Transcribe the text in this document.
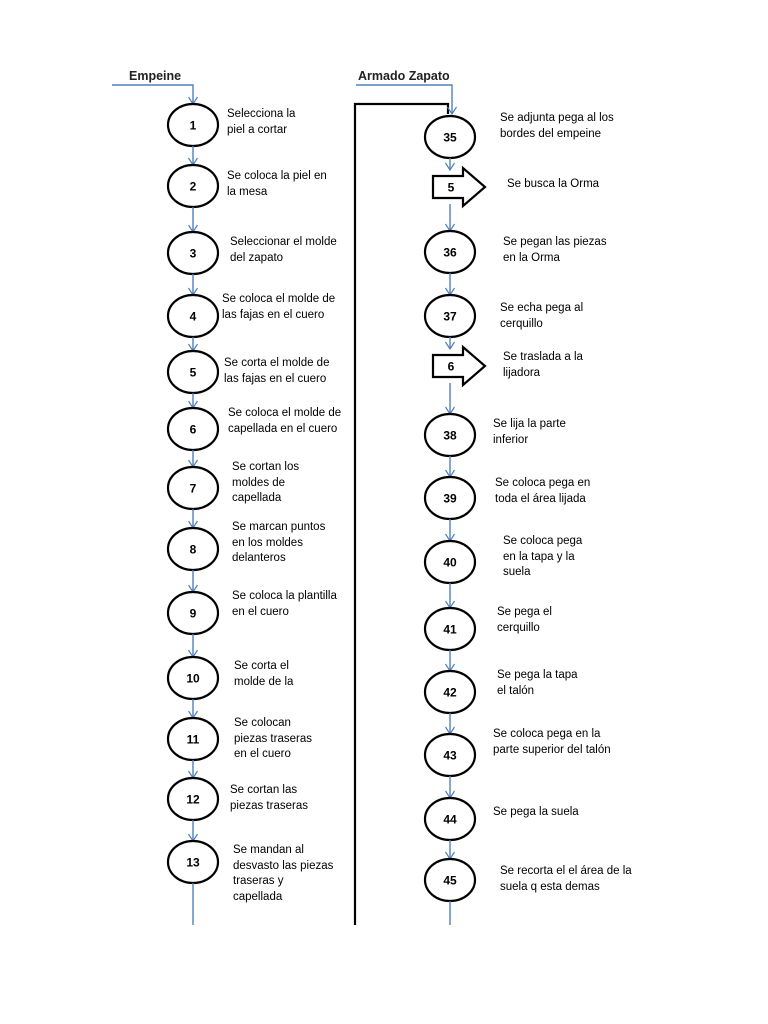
Empeine	Armado Zapato
1
2
3
4
5
6
7
8
9
10
11
12
13
35
5
36
37
6
38
39
40
41
42
43
44
45
Selecciona la
piel a cortar
Se coloca la piel en
la mesa
Seleccionar el molde
del zapato
Se coloca el molde de
las fajas en el cuero
Se corta el molde de
las fajas en el cuero
Se coloca el molde de
capellada en el cuero
Se cortan los
moldes de
capellada
Se marcan puntos
en los moldes
delanteros
Se coloca la plantilla
en el cuero
Se corta el
molde de la
Se colocan
piezas traseras
en el cuero
Se cortan las
piezas traseras
Se mandan al
desvasto las piezas
traseras y
capellada
Se adjunta pega al los
bordes del empeine
Se busca la Orma
Se pegan las piezas
en la Orma
Se echa pega al
cerquillo
Se traslada a la
lijadora
Se lija la parte
inferior
Se coloca pega en
toda el área lijada
Se coloca pega
en la tapa y la
suela
Se pega el
cerquillo
Se pega la tapa
el talón
Se coloca pega en la
parte superior del talón
Se pega la suela
Se recorta el el área de la
suela q esta demas
